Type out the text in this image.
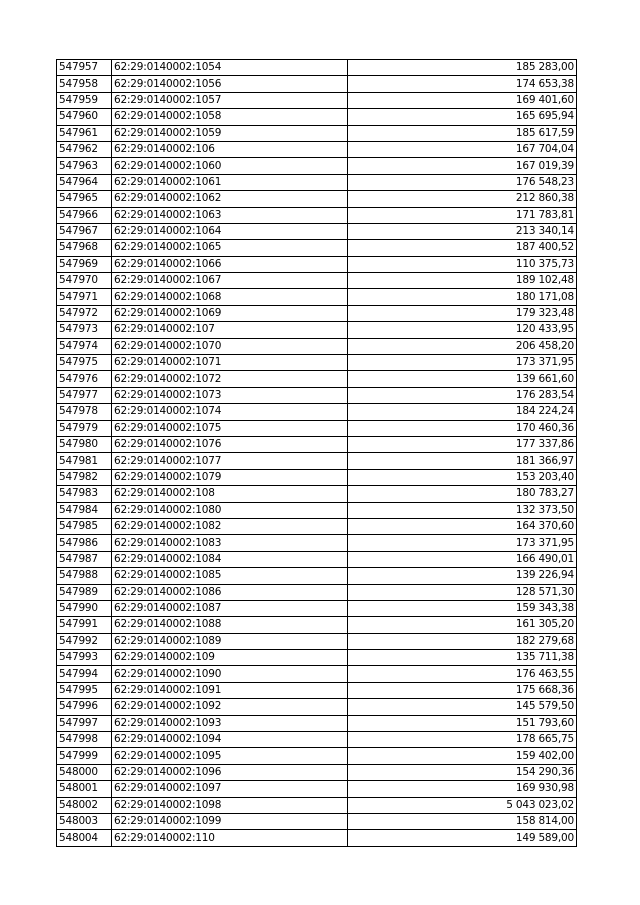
547957	62:29:0140002:1054	185 283,00
547958	62:29:0140002:1056	174 653,38
547959	62:29:0140002:1057	169 401,60
547960	62:29:0140002:1058	165 695,94
547961	62:29:0140002:1059	185 617,59
547962	62:29:0140002:106	167 704,04
547963	62:29:0140002:1060	167 019,39
547964	62:29:0140002:1061	176 548,23
547965	62:29:0140002:1062	212 860,38
547966	62:29:0140002:1063	171 783,81
547967	62:29:0140002:1064	213 340,14
547968	62:29:0140002:1065	187 400,52
547969	62:29:0140002:1066	110 375,73
547970	62:29:0140002:1067	189 102,48
547971	62:29:0140002:1068	180 171,08
547972	62:29:0140002:1069	179 323,48
547973	62:29:0140002:107	120 433,95
547974	62:29:0140002:1070	206 458,20
547975	62:29:0140002:1071	173 371,95
547976	62:29:0140002:1072	139 661,60
547977	62:29:0140002:1073	176 283,54
547978	62:29:0140002:1074	184 224,24
547979	62:29:0140002:1075	170 460,36
547980	62:29:0140002:1076	177 337,86
547981	62:29:0140002:1077	181 366,97
547982	62:29:0140002:1079	153 203,40
547983	62:29:0140002:108	180 783,27
547984	62:29:0140002:1080	132 373,50
547985	62:29:0140002:1082	164 370,60
547986	62:29:0140002:1083	173 371,95
547987	62:29:0140002:1084	166 490,01
547988	62:29:0140002:1085	139 226,94
547989	62:29:0140002:1086	128 571,30
547990	62:29:0140002:1087	159 343,38
547991	62:29:0140002:1088	161 305,20
547992	62:29:0140002:1089	182 279,68
547993	62:29:0140002:109	135 711,38
547994	62:29:0140002:1090	176 463,55
547995	62:29:0140002:1091	175 668,36
547996	62:29:0140002:1092	145 579,50
547997	62:29:0140002:1093	151 793,60
547998	62:29:0140002:1094	178 665,75
547999	62:29:0140002:1095	159 402,00
548000	62:29:0140002:1096	154 290,36
548001	62:29:0140002:1097	169 930,98
548002	62:29:0140002:1098	5 043 023,02
548003	62:29:0140002:1099	158 814,00
548004	62:29:0140002:110	149 589,00
